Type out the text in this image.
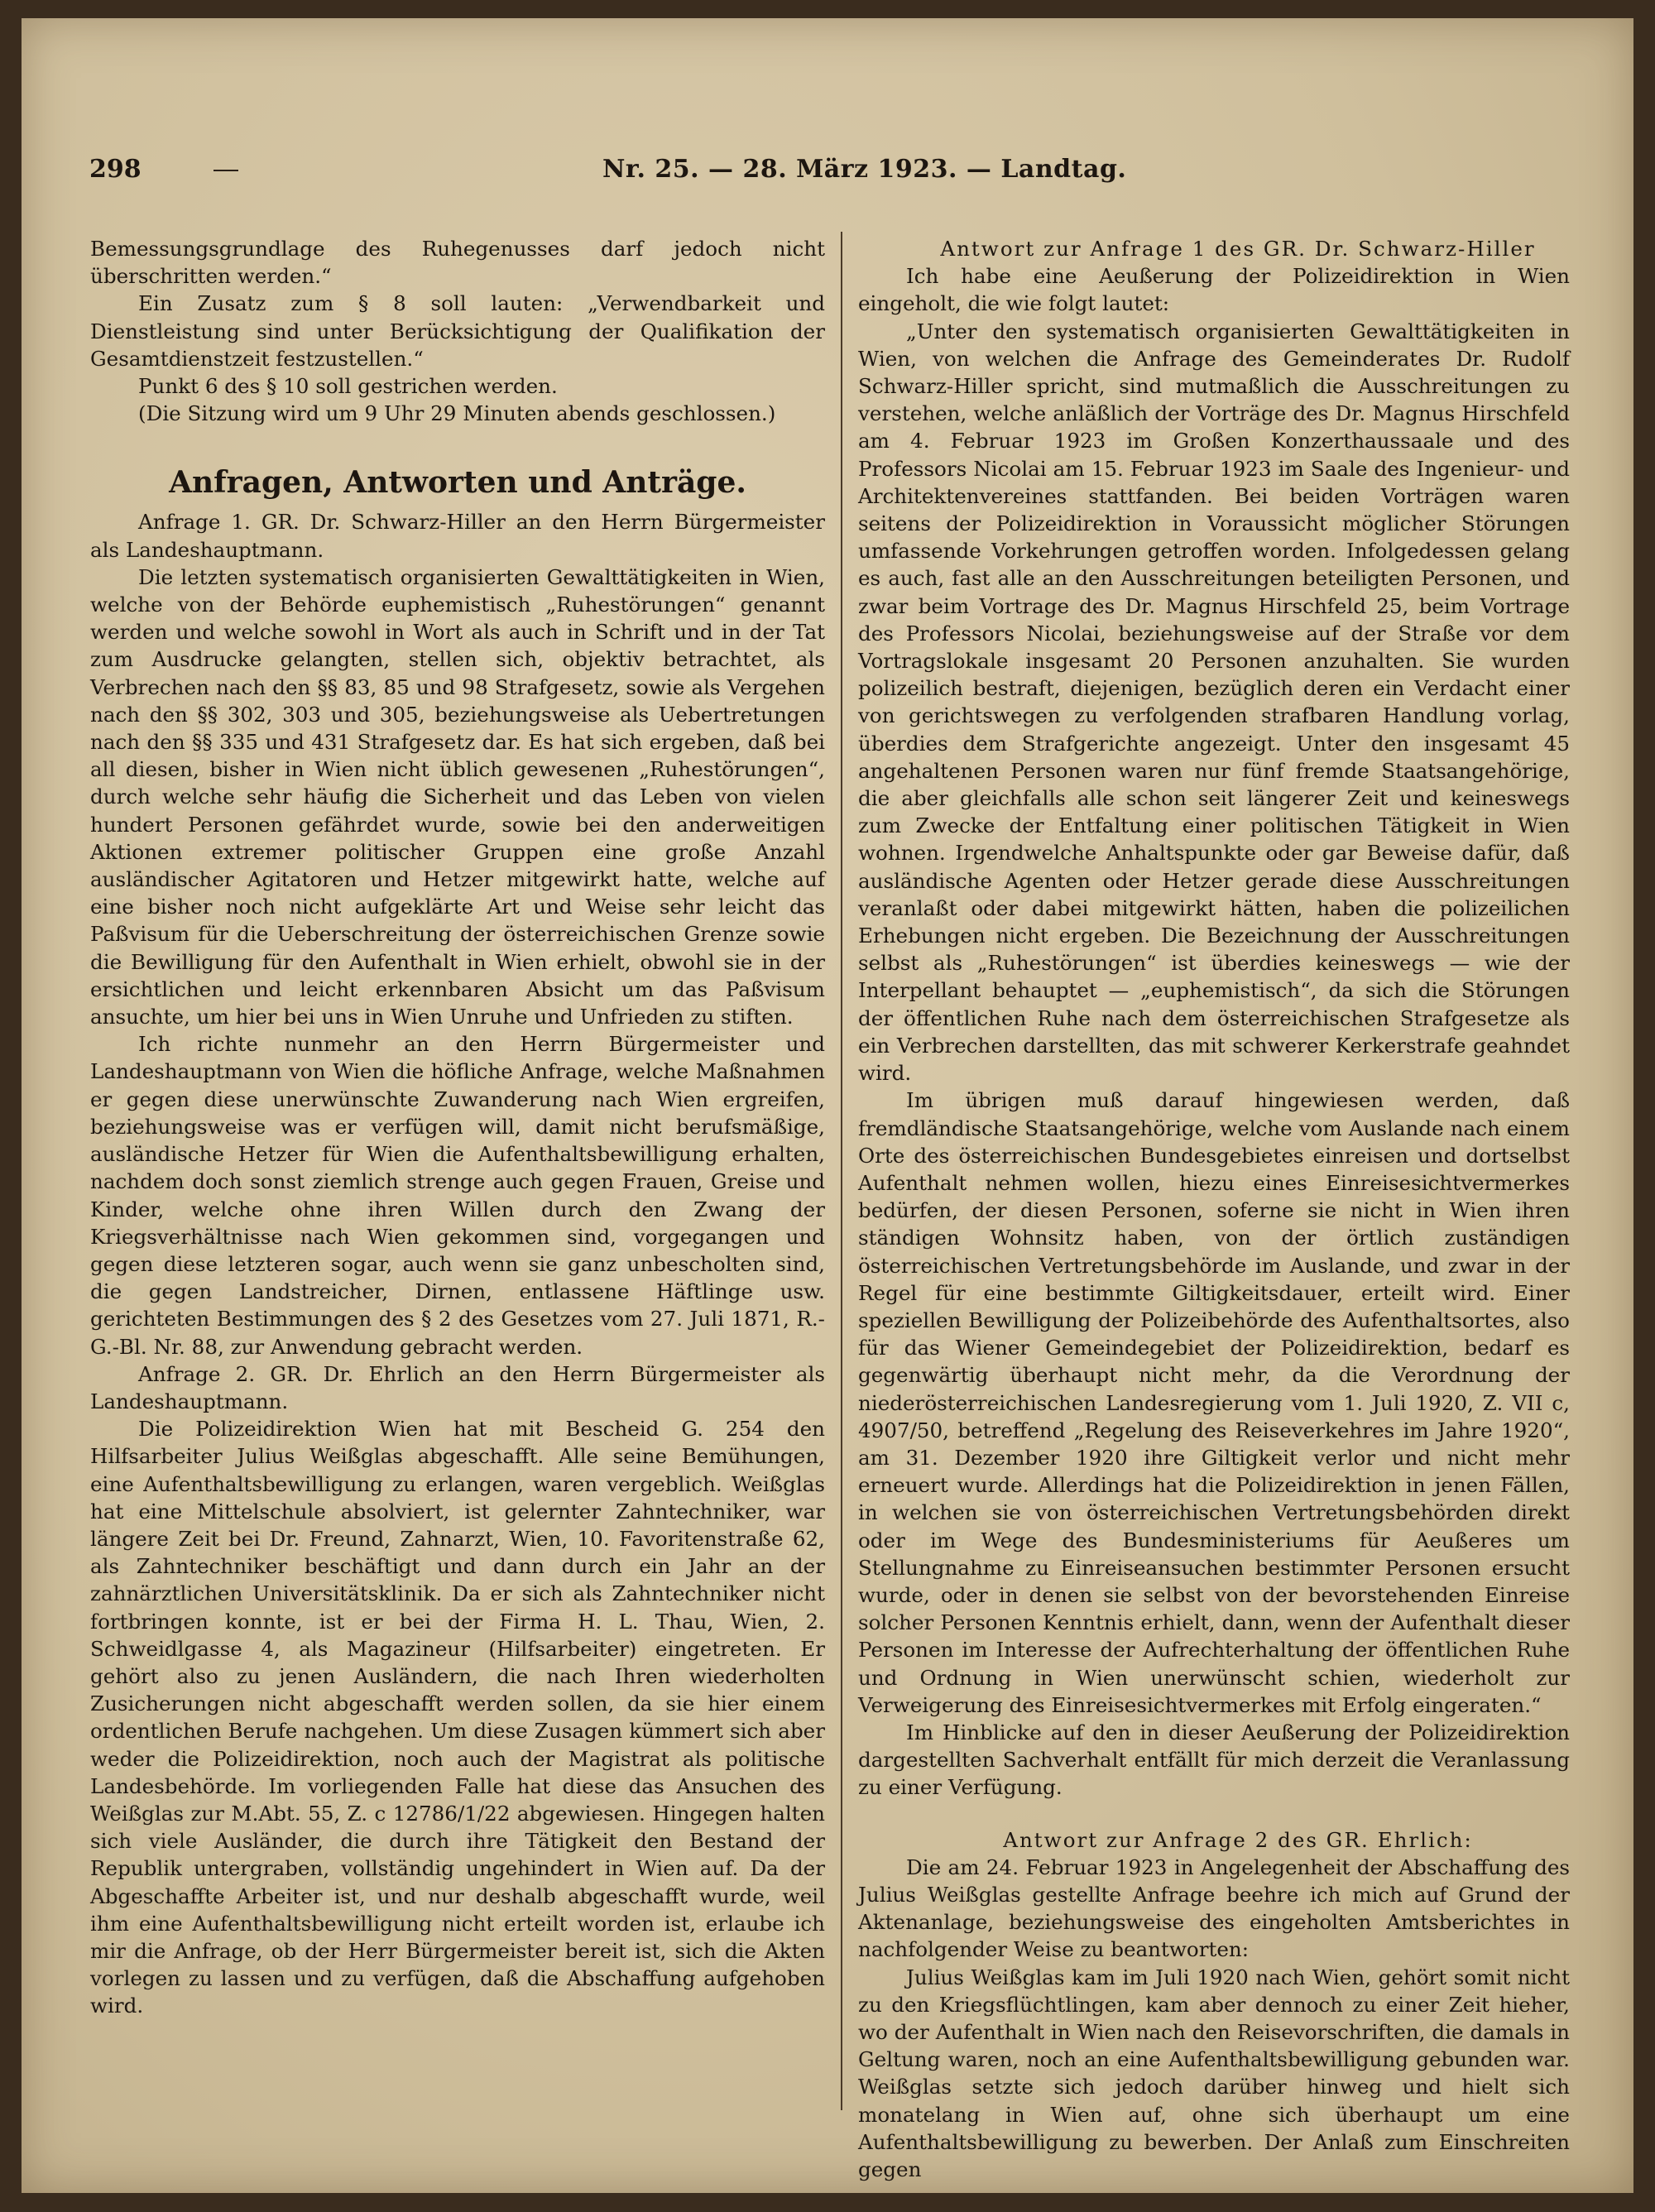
298	Nr. 25. — 28. März 1923. — Landtag.

Bemessungsgrundlage des Ruhegenusses darf jedoch nicht überschritten werden.“

Ein Zusatz zum § 8 soll lauten: „Verwendbarkeit und Dienstleistung sind unter Berücksichtigung der Qualifikation der Gesamtdienstzeit festzustellen.“

Punkt 6 des § 10 soll gestrichen werden.

(Die Sitzung wird um 9 Uhr 29 Minuten abends geschlossen.)

Anfragen, Antworten und Anträge.

Anfrage 1. GR. Dr. Schwarz-Hiller an den Herrn Bürgermeister als Landeshauptmann.

Die letzten systematisch organisierten Gewalttätigkeiten in Wien, welche von der Behörde euphemistisch „Ruhestörungen“ genannt werden und welche sowohl in Wort als auch in Schrift und in der Tat zum Ausdrucke gelangten, stellen sich, objektiv betrachtet, als Verbrechen nach den §§ 83, 85 und 98 Strafgesetz, sowie als Vergehen nach den §§ 302, 303 und 305, beziehungsweise als Uebertretungen nach den §§ 335 und 431 Strafgesetz dar. Es hat sich ergeben, daß bei all diesen, bisher in Wien nicht üblich gewesenen „Ruhestörungen“, durch welche sehr häufig die Sicherheit und das Leben von vielen hundert Personen gefährdet wurde, sowie bei den anderweitigen Aktionen extremer politischer Gruppen eine große Anzahl ausländischer Agitatoren und Hetzer mitgewirkt hatte, welche auf eine bisher noch nicht aufgeklärte Art und Weise sehr leicht das Paßvisum für die Ueberschreitung der österreichischen Grenze sowie die Bewilligung für den Aufenthalt in Wien erhielt, obwohl sie in der ersichtlichen und leicht erkennbaren Absicht um das Paßvisum ansuchte, um hier bei uns in Wien Unruhe und Unfrieden zu stiften.

Ich richte nunmehr an den Herrn Bürgermeister und Landeshauptmann von Wien die höfliche Anfrage, welche Maßnahmen er gegen diese unerwünschte Zuwanderung nach Wien ergreifen, beziehungsweise was er verfügen will, damit nicht berufsmäßige, ausländische Hetzer für Wien die Aufenthaltsbewilligung erhalten, nachdem doch sonst ziemlich strenge auch gegen Frauen, Greise und Kinder, welche ohne ihren Willen durch den Zwang der Kriegsverhältnisse nach Wien gekommen sind, vorgegangen und gegen diese letzteren sogar, auch wenn sie ganz unbescholten sind, die gegen Landstreicher, Dirnen, entlassene Häftlinge usw. gerichteten Bestimmungen des § 2 des Gesetzes vom 27. Juli 1871, R.-G.-Bl. Nr. 88, zur Anwendung gebracht werden.

Anfrage 2. GR. Dr. Ehrlich an den Herrn Bürgermeister als Landeshauptmann.

Die Polizeidirektion Wien hat mit Bescheid G. 254 den Hilfsarbeiter Julius Weißglas abgeschafft. Alle seine Bemühungen, eine Aufenthaltsbewilligung zu erlangen, waren vergeblich. Weißglas hat eine Mittelschule absolviert, ist gelernter Zahntechniker, war längere Zeit bei Dr. Freund, Zahnarzt, Wien, 10. Favoritenstraße 62, als Zahntechniker beschäftigt und dann durch ein Jahr an der zahnärztlichen Universitätsklinik. Da er sich als Zahntechniker nicht fortbringen konnte, ist er bei der Firma H. L. Thau, Wien, 2. Schweidlgasse 4, als Magazineur (Hilfsarbeiter) eingetreten. Er gehört also zu jenen Ausländern, die nach Ihren wiederholten Zusicherungen nicht abgeschafft werden sollen, da sie hier einem ordentlichen Berufe nachgehen. Um diese Zusagen kümmert sich aber weder die Polizeidirektion, noch auch der Magistrat als politische Landesbehörde. Im vorliegenden Falle hat diese das Ansuchen des Weißglas zur M.Abt. 55, Z. c 12786/1/22 abgewiesen. Hingegen halten sich viele Ausländer, die durch ihre Tätigkeit den Bestand der Republik untergraben, vollständig ungehindert in Wien auf. Da der Abgeschaffte Arbeiter ist, und nur deshalb abgeschafft wurde, weil ihm eine Aufenthaltsbewilligung nicht erteilt worden ist, erlaube ich mir die Anfrage, ob der Herr Bürgermeister bereit ist, sich die Akten vorlegen zu lassen und zu verfügen, daß die Abschaffung aufgehoben wird.

Antwort zur Anfrage 1 des GR. Dr. Schwarz-Hiller

Ich habe eine Aeußerung der Polizeidirektion in Wien eingeholt, die wie folgt lautet:

„Unter den systematisch organisierten Gewalttätigkeiten in Wien, von welchen die Anfrage des Gemeinderates Dr. Rudolf Schwarz-Hiller spricht, sind mutmaßlich die Ausschreitungen zu verstehen, welche anläßlich der Vorträge des Dr. Magnus Hirschfeld am 4. Februar 1923 im Großen Konzerthaussaale und des Professors Nicolai am 15. Februar 1923 im Saale des Ingenieur- und Architektenvereines stattfanden. Bei beiden Vorträgen waren seitens der Polizeidirektion in Voraussicht möglicher Störungen umfassende Vorkehrungen getroffen worden. Infolgedessen gelang es auch, fast alle an den Ausschreitungen beteiligten Personen, und zwar beim Vortrage des Dr. Magnus Hirschfeld 25, beim Vortrage des Professors Nicolai, beziehungsweise auf der Straße vor dem Vortragslokale insgesamt 20 Personen anzuhalten. Sie wurden polizeilich bestraft, diejenigen, bezüglich deren ein Verdacht einer von gerichtswegen zu verfolgenden strafbaren Handlung vorlag, überdies dem Strafgerichte angezeigt. Unter den insgesamt 45 angehaltenen Personen waren nur fünf fremde Staatsangehörige, die aber gleichfalls alle schon seit längerer Zeit und keineswegs zum Zwecke der Entfaltung einer politischen Tätigkeit in Wien wohnen. Irgendwelche Anhaltspunkte oder gar Beweise dafür, daß ausländische Agenten oder Hetzer gerade diese Ausschreitungen veranlaßt oder dabei mitgewirkt hätten, haben die polizeilichen Erhebungen nicht ergeben. Die Bezeichnung der Ausschreitungen selbst als „Ruhestörungen“ ist überdies keineswegs — wie der Interpellant behauptet — „euphemistisch“, da sich die Störungen der öffentlichen Ruhe nach dem österreichischen Strafgesetze als ein Verbrechen darstellten, das mit schwerer Kerkerstrafe geahndet wird.

Im übrigen muß darauf hingewiesen werden, daß fremdländische Staatsangehörige, welche vom Auslande nach einem Orte des österreichischen Bundesgebietes einreisen und dortselbst Aufenthalt nehmen wollen, hiezu eines Einreisesichtvermerkes bedürfen, der diesen Personen, soferne sie nicht in Wien ihren ständigen Wohnsitz haben, von der örtlich zuständigen österreichischen Vertretungsbehörde im Auslande, und zwar in der Regel für eine bestimmte Giltigkeitsdauer, erteilt wird. Einer speziellen Bewilligung der Polizeibehörde des Aufenthaltsortes, also für das Wiener Gemeindegebiet der Polizeidirektion, bedarf es gegenwärtig überhaupt nicht mehr, da die Verordnung der niederösterreichischen Landesregierung vom 1. Juli 1920, Z. VII c, 4907/50, betreffend „Regelung des Reiseverkehres im Jahre 1920“, am 31. Dezember 1920 ihre Giltigkeit verlor und nicht mehr erneuert wurde. Allerdings hat die Polizeidirektion in jenen Fällen, in welchen sie von österreichischen Vertretungsbehörden direkt oder im Wege des Bundesministeriums für Aeußeres um Stellungnahme zu Einreiseansuchen bestimmter Personen ersucht wurde, oder in denen sie selbst von der bevorstehenden Einreise solcher Personen Kenntnis erhielt, dann, wenn der Aufenthalt dieser Personen im Interesse der Aufrechterhaltung der öffentlichen Ruhe und Ordnung in Wien unerwünscht schien, wiederholt zur Verweigerung des Einreisesichtvermerkes mit Erfolg eingeraten.“

Im Hinblicke auf den in dieser Aeußerung der Polizeidirektion dargestellten Sachverhalt entfällt für mich derzeit die Veranlassung zu einer Verfügung.

Antwort zur Anfrage 2 des GR. Ehrlich:

Die am 24. Februar 1923 in Angelegenheit der Abschaffung des Julius Weißglas gestellte Anfrage beehre ich mich auf Grund der Aktenanlage, beziehungsweise des eingeholten Amtsberichtes in nachfolgender Weise zu beantworten:

Julius Weißglas kam im Juli 1920 nach Wien, gehört somit nicht zu den Kriegsflüchtlingen, kam aber dennoch zu einer Zeit hieher, wo der Aufenthalt in Wien nach den Reisevorschriften, die damals in Geltung waren, noch an eine Aufenthaltsbewilligung gebunden war. Weißglas setzte sich jedoch darüber hinweg und hielt sich monatelang in Wien auf, ohne sich überhaupt um eine Aufenthaltsbewilligung zu bewerben. Der Anlaß zum Einschreiten gegen
